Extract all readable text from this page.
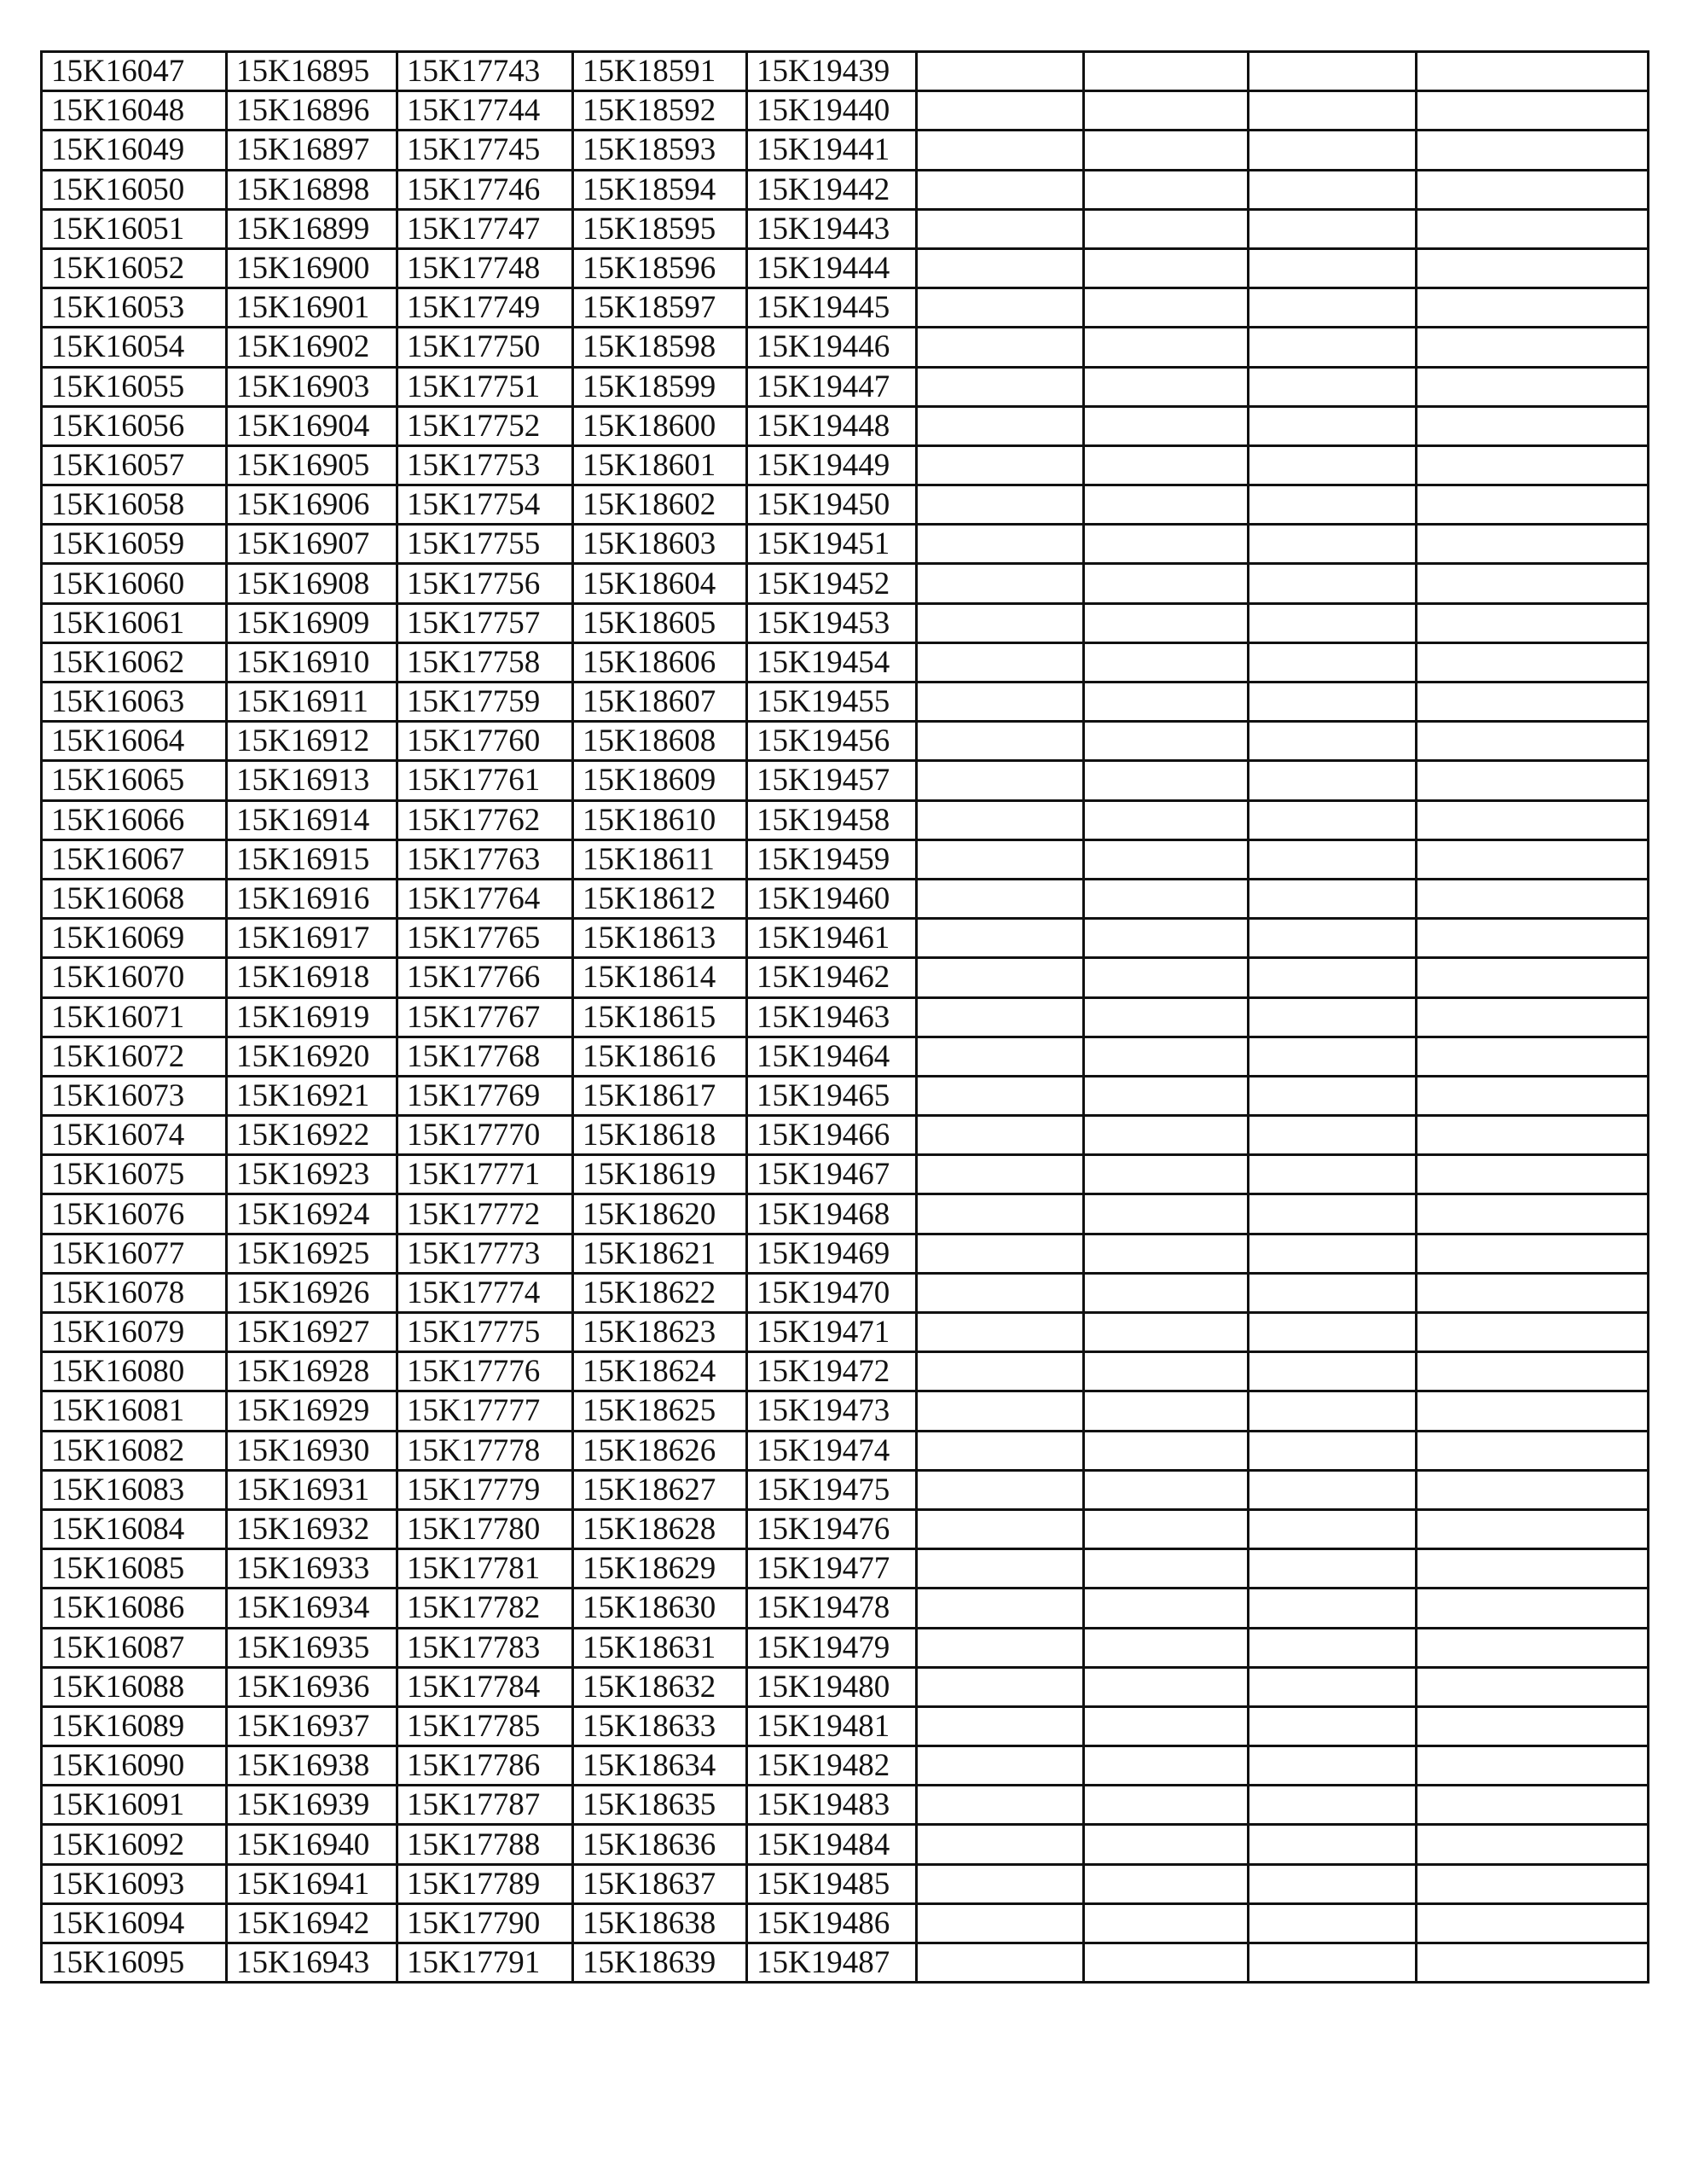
15K16047	15K16895	15K17743	15K18591	15K19439				
15K16048	15K16896	15K17744	15K18592	15K19440				
15K16049	15K16897	15K17745	15K18593	15K19441				
15K16050	15K16898	15K17746	15K18594	15K19442				
15K16051	15K16899	15K17747	15K18595	15K19443				
15K16052	15K16900	15K17748	15K18596	15K19444				
15K16053	15K16901	15K17749	15K18597	15K19445				
15K16054	15K16902	15K17750	15K18598	15K19446				
15K16055	15K16903	15K17751	15K18599	15K19447				
15K16056	15K16904	15K17752	15K18600	15K19448				
15K16057	15K16905	15K17753	15K18601	15K19449				
15K16058	15K16906	15K17754	15K18602	15K19450				
15K16059	15K16907	15K17755	15K18603	15K19451				
15K16060	15K16908	15K17756	15K18604	15K19452				
15K16061	15K16909	15K17757	15K18605	15K19453				
15K16062	15K16910	15K17758	15K18606	15K19454				
15K16063	15K16911	15K17759	15K18607	15K19455				
15K16064	15K16912	15K17760	15K18608	15K19456				
15K16065	15K16913	15K17761	15K18609	15K19457				
15K16066	15K16914	15K17762	15K18610	15K19458				
15K16067	15K16915	15K17763	15K18611	15K19459				
15K16068	15K16916	15K17764	15K18612	15K19460				
15K16069	15K16917	15K17765	15K18613	15K19461				
15K16070	15K16918	15K17766	15K18614	15K19462				
15K16071	15K16919	15K17767	15K18615	15K19463				
15K16072	15K16920	15K17768	15K18616	15K19464				
15K16073	15K16921	15K17769	15K18617	15K19465				
15K16074	15K16922	15K17770	15K18618	15K19466				
15K16075	15K16923	15K17771	15K18619	15K19467				
15K16076	15K16924	15K17772	15K18620	15K19468				
15K16077	15K16925	15K17773	15K18621	15K19469				
15K16078	15K16926	15K17774	15K18622	15K19470				
15K16079	15K16927	15K17775	15K18623	15K19471				
15K16080	15K16928	15K17776	15K18624	15K19472				
15K16081	15K16929	15K17777	15K18625	15K19473				
15K16082	15K16930	15K17778	15K18626	15K19474				
15K16083	15K16931	15K17779	15K18627	15K19475				
15K16084	15K16932	15K17780	15K18628	15K19476				
15K16085	15K16933	15K17781	15K18629	15K19477				
15K16086	15K16934	15K17782	15K18630	15K19478				
15K16087	15K16935	15K17783	15K18631	15K19479				
15K16088	15K16936	15K17784	15K18632	15K19480				
15K16089	15K16937	15K17785	15K18633	15K19481				
15K16090	15K16938	15K17786	15K18634	15K19482				
15K16091	15K16939	15K17787	15K18635	15K19483				
15K16092	15K16940	15K17788	15K18636	15K19484				
15K16093	15K16941	15K17789	15K18637	15K19485				
15K16094	15K16942	15K17790	15K18638	15K19486				
15K16095	15K16943	15K17791	15K18639	15K19487				
